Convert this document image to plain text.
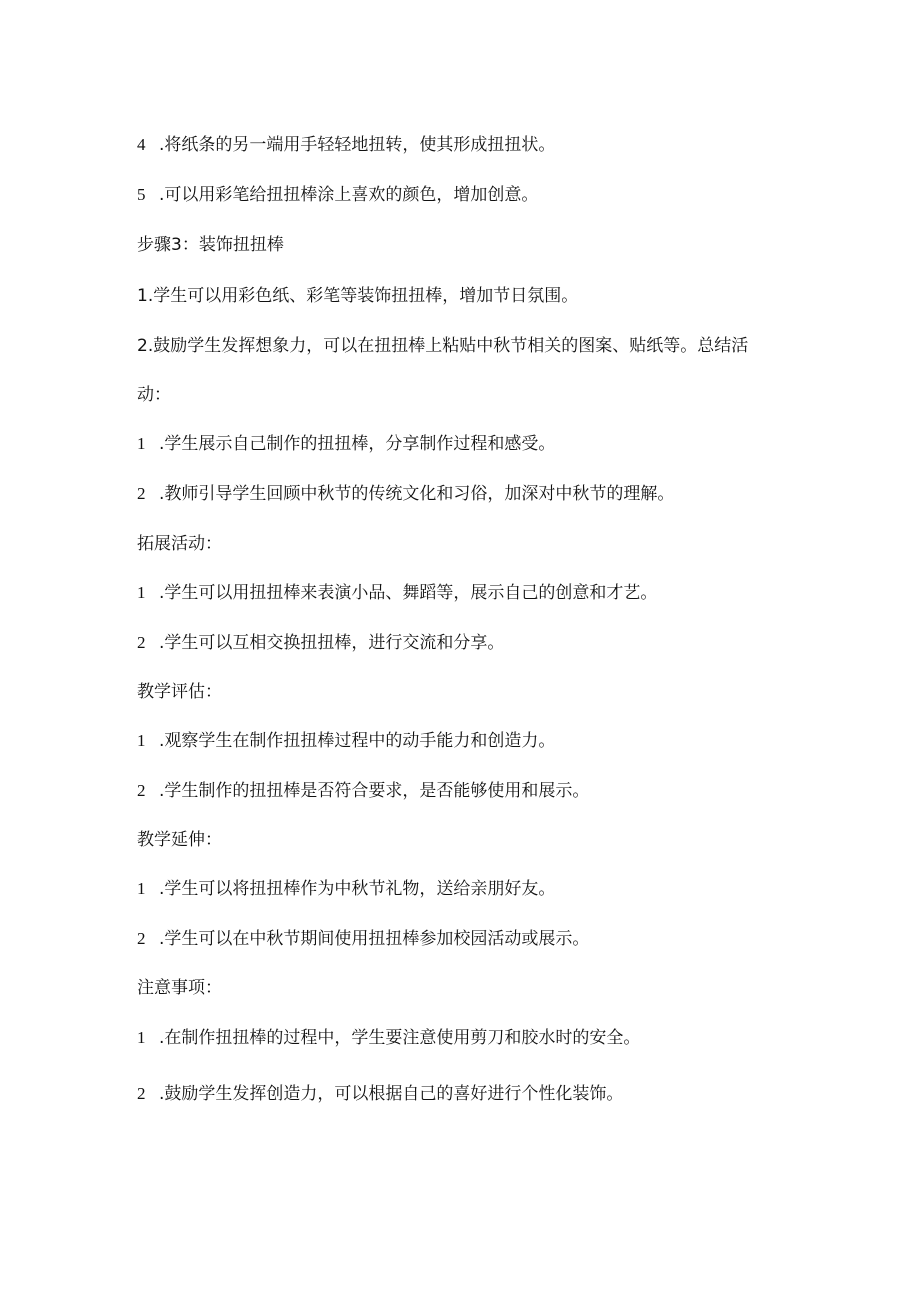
4 .将纸条的另一端用手轻轻地扭转，使其形成扭扭状。
5 .可以用彩笔给扭扭棒涂上喜欢的颜色，增加创意。
步骤3：装饰扭扭棒
1.学生可以用彩色纸、彩笔等装饰扭扭棒，增加节日氛围。
2.鼓励学生发挥想象力，可以在扭扭棒上粘贴中秋节相关的图案、贴纸等。总结活
动：
1 .学生展示自己制作的扭扭棒，分享制作过程和感受。
2 .教师引导学生回顾中秋节的传统文化和习俗，加深对中秋节的理解。
拓展活动：
1 .学生可以用扭扭棒来表演小品、舞蹈等，展示自己的创意和才艺。
2 .学生可以互相交换扭扭棒，进行交流和分享。
教学评估：
1 .观察学生在制作扭扭棒过程中的动手能力和创造力。
2 .学生制作的扭扭棒是否符合要求，是否能够使用和展示。
教学延伸：
1 .学生可以将扭扭棒作为中秋节礼物，送给亲朋好友。
2 .学生可以在中秋节期间使用扭扭棒参加校园活动或展示。
注意事项：
1 .在制作扭扭棒的过程中，学生要注意使用剪刀和胶水时的安全。
2 .鼓励学生发挥创造力，可以根据自己的喜好进行个性化装饰。
